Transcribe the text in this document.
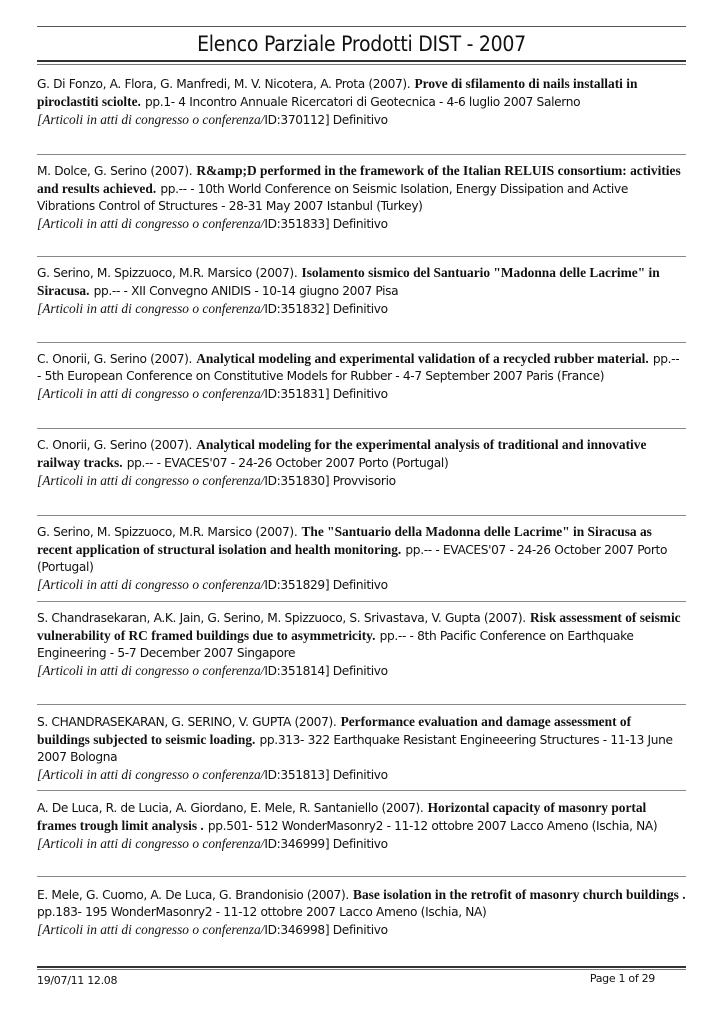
Elenco Parziale Prodotti DIST - 2007
G. Di Fonzo, A. Flora, G. Manfredi, M. V. Nicotera, A. Prota (2007). Prove di sfilamento di nails installati in piroclastiti sciolte. pp.1- 4 Incontro Annuale Ricercatori di Geotecnica - 4-6 luglio 2007 Salerno
[Articoli in atti di congresso o conferenza/ID:370112] Definitivo
M. Dolce, G. Serino (2007). R&amp;D performed in the framework of the Italian RELUIS consortium: activities and results achieved. pp.-- - 10th World Conference on Seismic Isolation, Energy Dissipation and Active Vibrations Control of Structures - 28-31 May 2007 Istanbul (Turkey)
[Articoli in atti di congresso o conferenza/ID:351833] Definitivo
G. Serino, M. Spizzuoco, M.R. Marsico (2007). Isolamento sismico del Santuario "Madonna delle Lacrime" in Siracusa. pp.-- - XII Convegno ANIDIS - 10-14 giugno 2007 Pisa
[Articoli in atti di congresso o conferenza/ID:351832] Definitivo
C. Onorii, G. Serino (2007). Analytical modeling and experimental validation of a recycled rubber material. pp.-- - 5th European Conference on Constitutive Models for Rubber - 4-7 September 2007 Paris (France)
[Articoli in atti di congresso o conferenza/ID:351831] Definitivo
C. Onorii, G. Serino (2007). Analytical modeling for the experimental analysis of traditional and innovative railway tracks. pp.-- - EVACES'07 - 24-26 October 2007 Porto (Portugal)
[Articoli in atti di congresso o conferenza/ID:351830] Provvisorio
G. Serino, M. Spizzuoco, M.R. Marsico (2007). The "Santuario della Madonna delle Lacrime" in Siracusa as recent application of structural isolation and health monitoring. pp.-- - EVACES'07 - 24-26 October 2007 Porto (Portugal)
[Articoli in atti di congresso o conferenza/ID:351829] Definitivo
S. Chandrasekaran, A.K. Jain, G. Serino, M. Spizzuoco, S. Srivastava, V. Gupta (2007). Risk assessment of seismic vulnerability of RC framed buildings due to asymmetricity. pp.-- - 8th Pacific Conference on Earthquake Engineering - 5-7 December 2007 Singapore
[Articoli in atti di congresso o conferenza/ID:351814] Definitivo
S. CHANDRASEKARAN, G. SERINO, V. GUPTA (2007). Performance evaluation and damage assessment of buildings subjected to seismic loading. pp.313- 322 Earthquake Resistant Engineeering Structures - 11-13 June 2007 Bologna
[Articoli in atti di congresso o conferenza/ID:351813] Definitivo
A. De Luca, R. de Lucia, A. Giordano, E. Mele, R. Santaniello (2007). Horizontal capacity of masonry portal frames trough limit analysis . pp.501- 512 WonderMasonry2 - 11-12 ottobre 2007 Lacco Ameno (Ischia, NA)
[Articoli in atti di congresso o conferenza/ID:346999] Definitivo
E. Mele, G. Cuomo, A. De Luca, G. Brandonisio (2007). Base isolation in the retrofit of masonry church buildings . pp.183- 195 WonderMasonry2 - 11-12 ottobre 2007 Lacco Ameno (Ischia, NA)
[Articoli in atti di congresso o conferenza/ID:346998] Definitivo
19/07/11 12.08	Page 1 of 29
